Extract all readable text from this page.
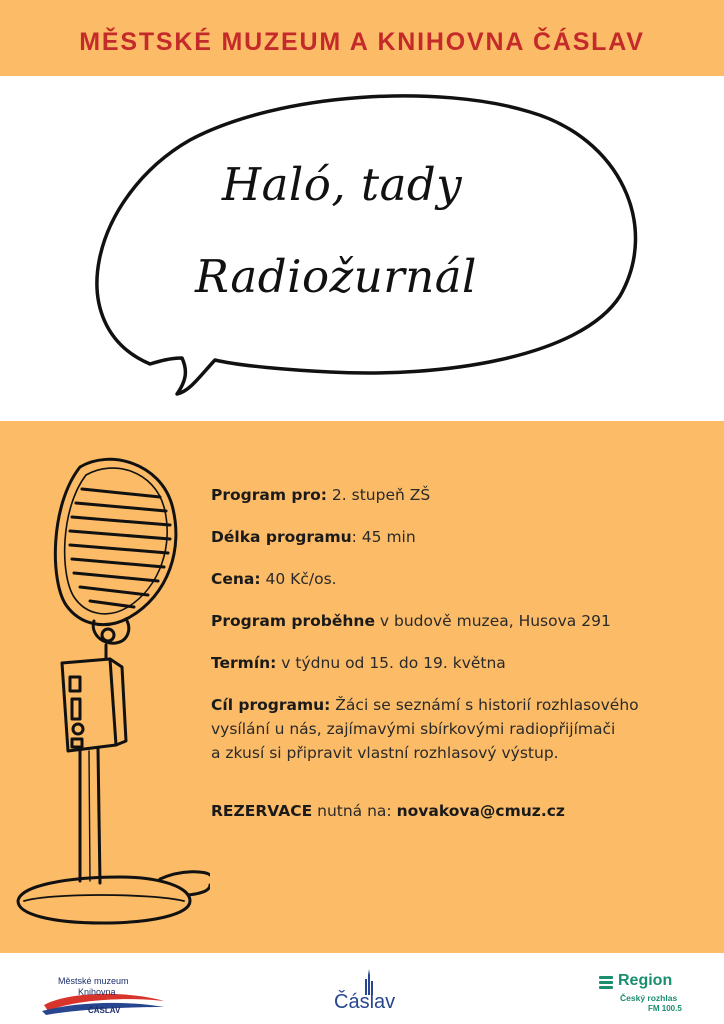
MĚSTSKÉ MUZEUM A KNIHOVNA ČÁSLAV
Haló, tady
Radiožurnál
Program pro: 2. stupeň ZŠ
Délka programu: 45 min
Cena: 40 Kč/os.
Program proběhne v budově muzea, Husova 291
Termín: v týdnu od 15. do 19. května
Cíl programu: Žáci se seznámí s historií rozhlasového
vysílání u nás, zajímavými sbírkovými radiopřijímači
a zkusí si připravit vlastní rozhlasový výstup.
REZERVACE nutná na: novakova@cmuz.cz
Městské muzeum
Knihovna
ČÁSLAV	Čáslav
Region
Český rozhlas
FM 100.5
